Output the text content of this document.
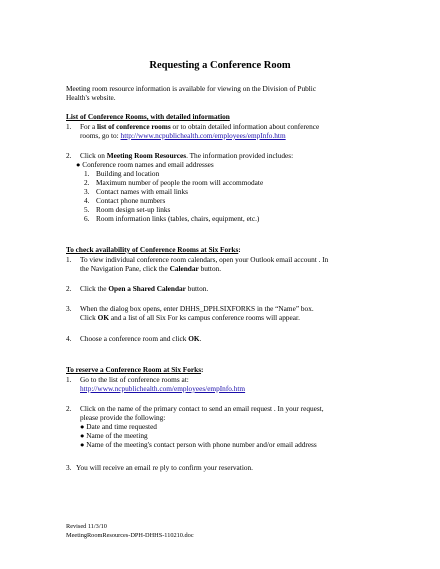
Requesting a Conference Room
Meeting room resource information is available for viewing on the Division of Public
Health's website.
List of Conference Rooms, with detailed information
1. For a list of conference rooms or to obtain detailed information about conference
rooms, go to: http://www.ncpublichealth.com/employees/empInfo.htm
2. Click on Meeting Room Resources. The information provided includes:
● Conference room names and email addresses
1. Building and location
2. Maximum number of people the room will accommodate
3. Contact names with email links
4. Contact phone numbers
5. Room design set-up links
6. Room information links (tables, chairs, equipment, etc.)
To check availability of Conference Rooms at Six Forks:
1. To view individual conference room calendars, open your Outlook email account . In
the Navigation Pane, click the Calendar button.
2. Click the Open a Shared Calendar button.
3. When the dialog box opens, enter DHHS_DPH.SIXFORKS in the “Name” box.
Click OK and a list of all Six For ks campus conference rooms will appear.
4. Choose a conference room and click OK.
To reserve a Conference Room at Six Forks:
1. Go to the list of conference rooms at:
http://www.ncpublichealth.com/employees/empInfo.htm
2. Click on the name of the primary contact to send an email request . In your request,
please provide the following:
● Date and time requested
● Name of the meeting
● Name of the meeting's contact person with phone number and/or email address
3. You will receive an email re ply to confirm your reservation.
Revised 11/3/10
MeetingRoomResources-DPH-DHHS-110210.doc
